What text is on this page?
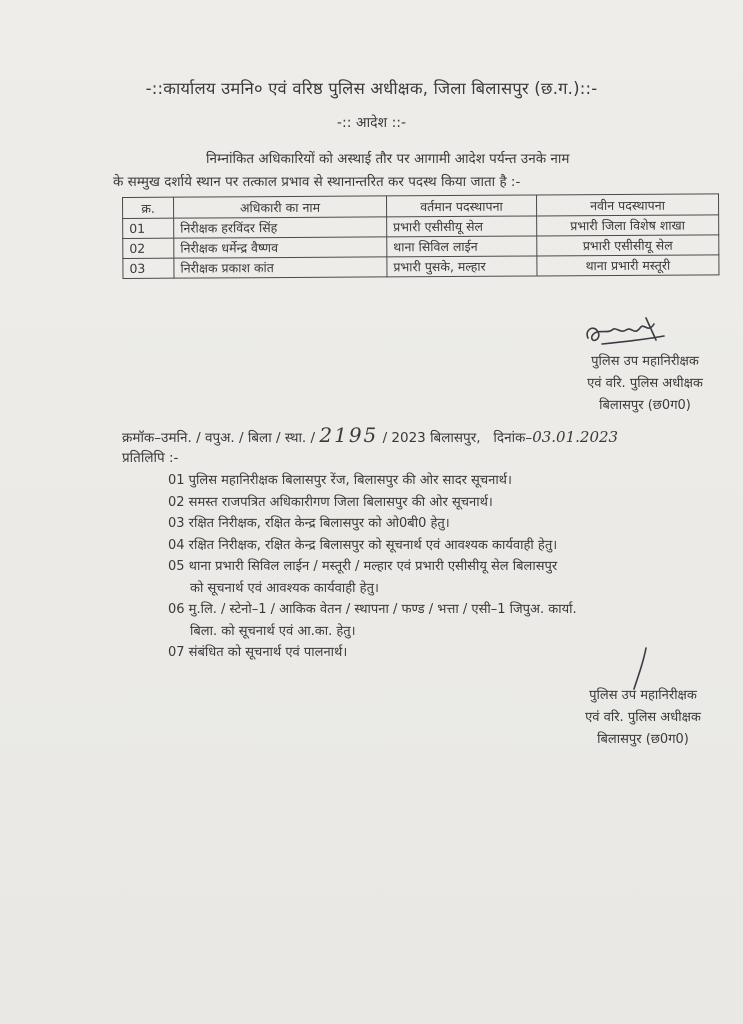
-::कार्यालय उमनि० एवं वरिष्ठ पुलिस अधीक्षक, जिला बिलासपुर (छ.ग.)::-
-:: आदेश ::-
निम्नांकित अधिकारियों को अस्थाई तौर पर आगामी आदेश पर्यन्त उनके नाम
के सम्मुख दर्शाये स्थान पर तत्काल प्रभाव से स्थानान्तरित कर पदस्थ किया जाता है :-
क्र.	अधिकारी का नाम	वर्तमान पदस्थापना	नवीन पदस्थापना
01	निरीक्षक हरविंदर सिंह	प्रभारी एसीसीयू सेल	प्रभारी जिला विशेष शाखा
02	निरीक्षक धर्मेन्द्र वैष्णव	थाना सिविल लाईन	प्रभारी एसीसीयू सेल
03	निरीक्षक प्रकाश कांत	प्रभारी पुसके, मल्हार	थाना प्रभारी मस्तूरी
पुलिस उप महानिरीक्षक
एवं वरि. पुलिस अधीक्षक
बिलासपुर (छ0ग0)
क्रमॉक–उमनि. / वपुअ. / बिला / स्था. / 2195 / 2023 बिलासपुर, दिनांक–03.01.2023
प्रतिलिपि :-
01 पुलिस महानिरीक्षक बिलासपुर रेंज, बिलासपुर की ओर सादर सूचनार्थ।
02 समस्त राजपत्रित अधिकारीगण जिला बिलासपुर की ओर सूचनार्थ।
03 रक्षित निरीक्षक, रक्षित केन्द्र बिलासपुर को ओ0बी0 हेतु।
04 रक्षित निरीक्षक, रक्षित केन्द्र बिलासपुर को सूचनार्थ एवं आवश्यक कार्यवाही हेतु।
05 थाना प्रभारी सिविल लाईन / मस्तूरी / मल्हार एवं प्रभारी एसीसीयू सेल बिलासपुर
को सूचनार्थ एवं आवश्यक कार्यवाही हेतु।
06 मु.लि. / स्टेनो–1 / आकिक वेतन / स्थापना / फण्ड / भत्ता / एसी–1 जिपुअ. कार्या.
बिला. को सूचनार्थ एवं आ.का. हेतु।
07 संबंधित को सूचनार्थ एवं पालनार्थ।
पुलिस उप महानिरीक्षक
एवं वरि. पुलिस अधीक्षक
बिलासपुर (छ0ग0)
